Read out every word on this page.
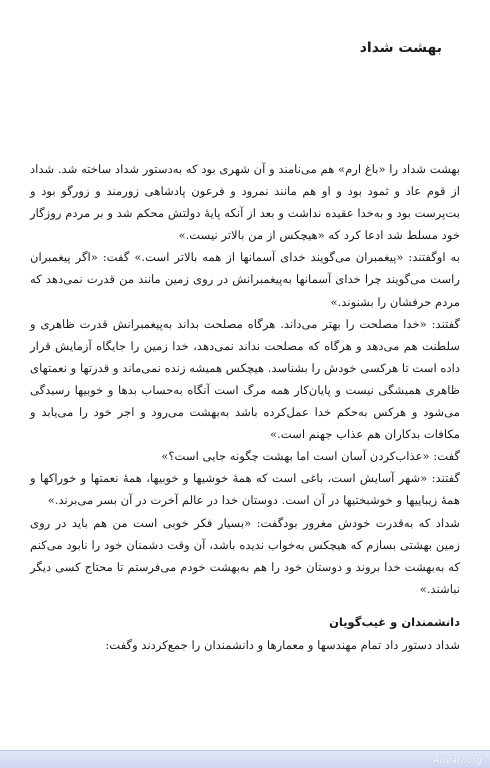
بهشت شداد

بهشت شداد را «باغ ارم» هم می‌نامند و آن شهری بود که به‌دستور شداد ساخته شد. شداد از قوم عاد و ثمود بود و او هم مانند نمرود و فرعون پادشاهی زورمند و زورگو بود و بت‌پرست بود و به‌خدا عقیده نداشت و بعد از آنکه پایهٔ دولتش محکم شد و بر مردم روزگار خود مسلط شد ادعا کرد که «هیچکس از من بالاتر نیست.»

به اوگفتند: «پیغمبران می‌گویند خدای آسمانها از همه بالاتر است.» گفت: «اگر پیغمبران راست می‌گویند چرا خدای آسمانها به‌پیغمبرانش در روی زمین مانند من قدرت نمی‌دهد که مردم حرفشان را بشنوند.»

گفتند: «خدا مصلحت را بهتر می‌داند. هرگاه مصلحت بداند به‌پیغمبرانش قدرت ظاهری و سلطنت هم می‌دهد و هرگاه که مصلحت نداند نمی‌دهد، خدا زمین را جایگاه آزمایش قرار داده است تا هرکسی خودش را بشناسد. هیچکس همیشه زنده نمی‌ماند و قدرتها و نعمتهای ظاهری همیشگی نیست و پایان‌کار همه مرگ است آنگاه به‌حساب بدها و خوبیها رسیدگی می‌شود و هرکس به‌حکم خدا عمل‌کرده باشد به‌بهشت می‌رود و اجر خود را می‌یابد و مکافات بدکاران هم عذاب جهنم است.»

گفت: «عذاب‌کردن آسان است اما بهشت چگونه جایی است؟»

گفتند: «شهر آسایش است، باغی است که همهٔ خوشیها و خوبیها، همهٔ نعمتها و خوراکها و همهٔ زیباییها و خوشبختیها در آن است. دوستان خدا در عالم آخرت در آن بسر می‌برند.»

شداد که به‌قدرت خودش مغرور بودگفت: «بسیار فکر خوبی است من هم باید در روی زمین بهشتی بسازم که هیچکس به‌خواب ندیده باشد، آن وقت دشمنان خود را نابود می‌کنم که به‌بهشت خدا بروند و دوستان خود را هم به‌بهشت خودم می‌فرستم تا محتاج کسی دیگر نباشند.»

دانشمندان و غیب‌گویان

شداد دستور داد تمام مهندسها و معمارها و دانشمندان را جمع‌کردند وگفت:

Anvari.org
